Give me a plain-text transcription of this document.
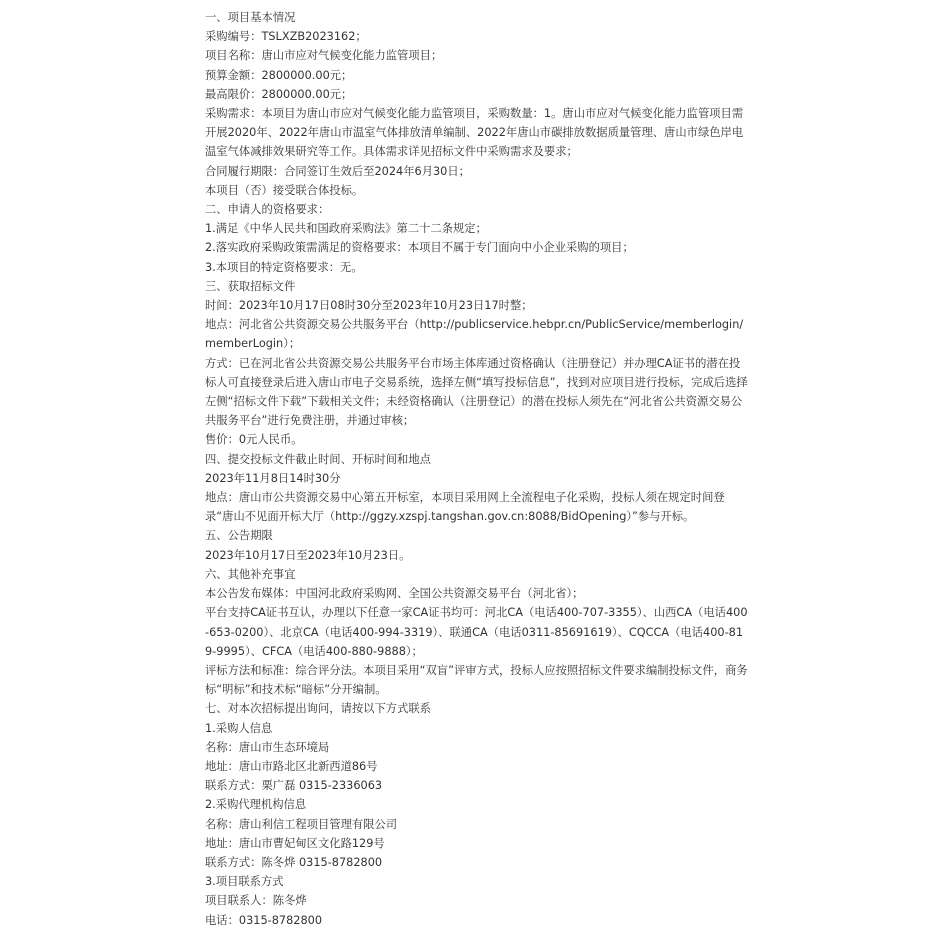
一、项目基本情况

采购编号：TSLXZB2023162；

项目名称：唐山市应对气候变化能力监管项目；

预算金额：2800000.00元；

最高限价：2800000.00元；

采购需求：本项目为唐山市应对气候变化能力监管项目，采购数量：1。唐山市应对气候变化能力监管项目需开展2020年、2022年唐山市温室气体排放清单编制、2022年唐山市碳排放数据质量管理、唐山市绿色岸电温室气体减排效果研究等工作。具体需求详见招标文件中采购需求及要求；

合同履行期限：合同签订生效后至2024年6月30日；

本项目（否）接受联合体投标。

二、申请人的资格要求：

1.满足《中华人民共和国政府采购法》第二十二条规定；

2.落实政府采购政策需满足的资格要求：本项目不属于专门面向中小企业采购的项目；

3.本项目的特定资格要求：无。

三、获取招标文件

时间：2023年10月17日08时30分至2023年10月23日17时整；

地点：河北省公共资源交易公共服务平台（http://publicservice.hebpr.cn/PublicService/memberlogin/memberLogin）；

方式：已在河北省公共资源交易公共服务平台市场主体库通过资格确认（注册登记）并办理CA证书的潜在投标人可直接登录后进入唐山市电子交易系统，选择左侧“填写投标信息”，找到对应项目进行投标，完成后选择左侧“招标文件下载”下载相关文件；未经资格确认（注册登记）的潜在投标人须先在“河北省公共资源交易公共服务平台”进行免费注册，并通过审核；

售价：0元人民币。

四、提交投标文件截止时间、开标时间和地点

2023年11月8日14时30分

地点：唐山市公共资源交易中心第五开标室，本项目采用网上全流程电子化采购，投标人须在规定时间登录“唐山不见面开标大厅（http://ggzy.xzspj.tangshan.gov.cn:8088/BidOpening）”参与开标。

五、公告期限

2023年10月17日至2023年10月23日。

六、其他补充事宜

本公告发布媒体：中国河北政府采购网、全国公共资源交易平台（河北省）；

平台支持CA证书互认，办理以下任意一家CA证书均可：河北CA（电话400-707-3355）、山西CA（电话400-653-0200）、北京CA（电话400-994-3319）、联通CA（电话0311-85691619）、CQCCA（电话400-819-9995）、CFCA（电话400-880-9888）；

评标方法和标准：综合评分法。本项目采用“双盲”评审方式，投标人应按照招标文件要求编制投标文件，商务标“明标”和技术标“暗标”分开编制。

七、对本次招标提出询问，请按以下方式联系

1.采购人信息

名称：唐山市生态环境局

地址：唐山市路北区北新西道86号

联系方式：栗广磊 0315-2336063

2.采购代理机构信息

名称：唐山利信工程项目管理有限公司

地址：唐山市曹妃甸区文化路129号

联系方式：陈冬烨 0315-8782800

3.项目联系方式

项目联系人：陈冬烨

电话：0315-8782800
